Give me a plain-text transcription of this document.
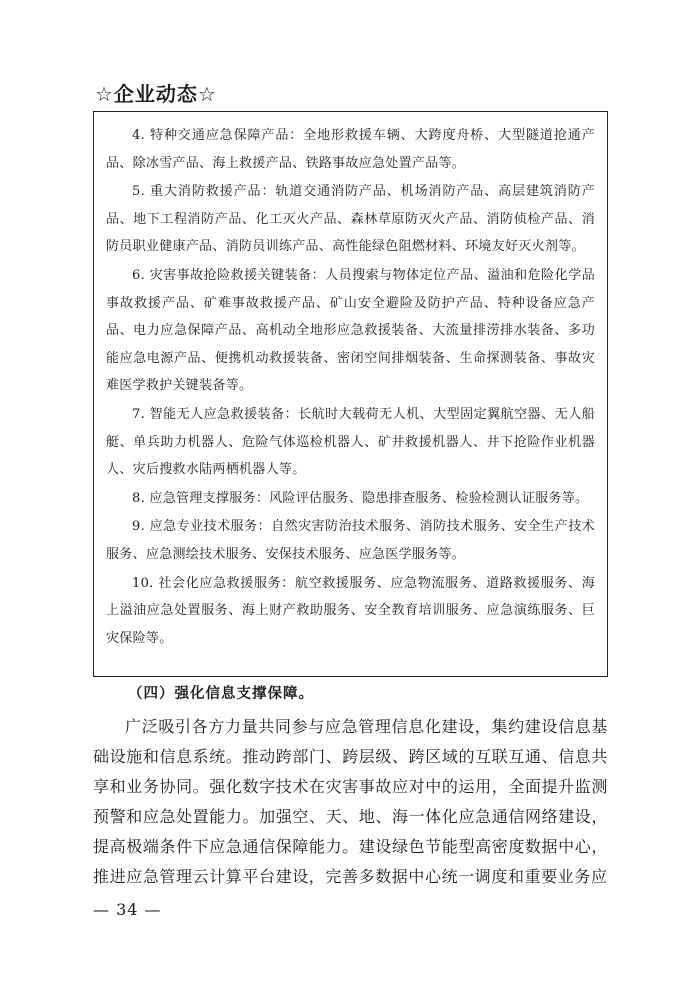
☆企业动态☆

4. 特种交通应急保障产品：全地形救援车辆、大跨度舟桥、大型隧道抢通产品、除冰雪产品、海上救援产品、铁路事故应急处置产品等。

5. 重大消防救援产品：轨道交通消防产品、机场消防产品、高层建筑消防产品、地下工程消防产品、化工灭火产品、森林草原防灭火产品、消防侦检产品、消防员职业健康产品、消防员训练产品、高性能绿色阻燃材料、环境友好灭火剂等。

6. 灾害事故抢险救援关键装备：人员搜索与物体定位产品、溢油和危险化学品事故救援产品、矿难事故救援产品、矿山安全避险及防护产品、特种设备应急产品、电力应急保障产品、高机动全地形应急救援装备、大流量排涝排水装备、多功能应急电源产品、便携机动救援装备、密闭空间排烟装备、生命探测装备、事故灾难医学救护关键装备等。

7. 智能无人应急救援装备：长航时大载荷无人机、大型固定翼航空器、无人船艇、单兵助力机器人、危险气体巡检机器人、矿井救援机器人、井下抢险作业机器人、灾后搜救水陆两栖机器人等。

8. 应急管理支撑服务：风险评估服务、隐患排查服务、检验检测认证服务等。

9. 应急专业技术服务：自然灾害防治技术服务、消防技术服务、安全生产技术服务、应急测绘技术服务、安保技术服务、应急医学服务等。

10. 社会化应急救援服务：航空救援服务、应急物流服务、道路救援服务、海上溢油应急处置服务、海上财产救助服务、安全教育培训服务、应急演练服务、巨灾保险等。

（四）强化信息支撑保障。

广泛吸引各方力量共同参与应急管理信息化建设，集约建设信息基础设施和信息系统。推动跨部门、跨层级、跨区域的互联互通、信息共享和业务协同。强化数字技术在灾害事故应对中的运用，全面提升监测预警和应急处置能力。加强空、天、地、海一体化应急通信网络建设，提高极端条件下应急通信保障能力。建设绿色节能型高密度数据中心，推进应急管理云计算平台建设，完善多数据中心统一调度和重要业务应

— 34 —
